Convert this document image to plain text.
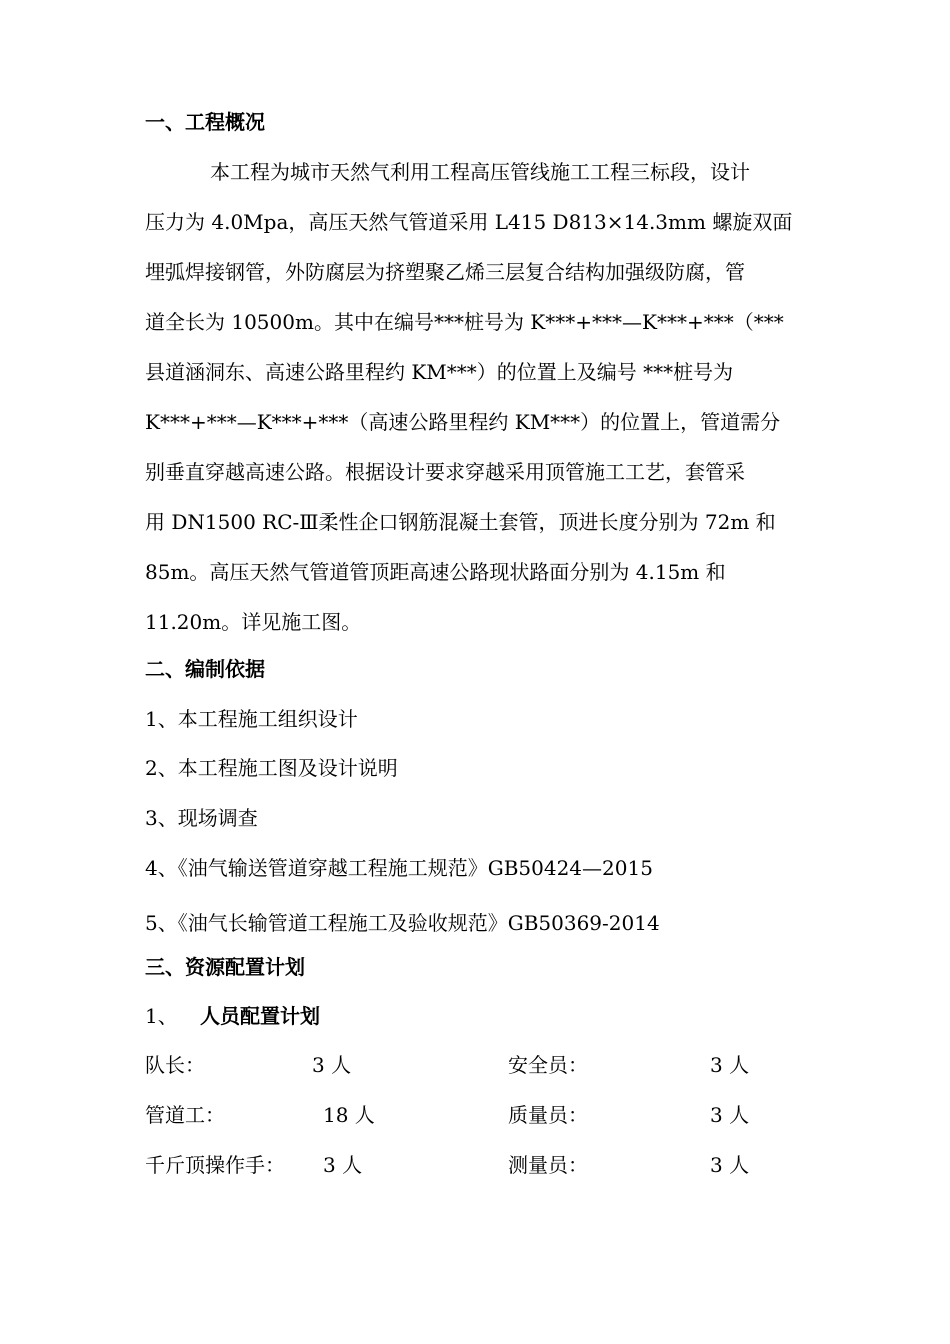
一、工程概况
本工程为城市天然气利用工程高压管线施工工程三标段，设计
压力为 4.0Mpa，高压天然气管道采用 L415 D813×14.3mm 螺旋双面
埋弧焊接钢管，外防腐层为挤塑聚乙烯三层复合结构加强级防腐，管
道全长为 10500m。其中在编号***桩号为 K***+***—K***+***（***
县道涵洞东、高速公路里程约 KM***）的位置上及编号 ***桩号为
K***+***—K***+***（高速公路里程约 KM***）的位置上，管道需分
别垂直穿越高速公路。根据设计要求穿越采用顶管施工工艺，套管采
用 DN1500 RC-Ⅲ柔性企口钢筋混凝土套管，顶进长度分别为 72m 和
85m。高压天然气管道管顶距高速公路现状路面分别为 4.15m 和
11.20m。详见施工图。
二、编制依据
1、本工程施工组织设计
2、本工程施工图及设计说明
3、现场调查
4、《油气输送管道穿越工程施工规范》GB50424—2015
5、《油气长输管道工程施工及验收规范》GB50369-2014
三、资源配置计划
1、 人员配置计划
队长：	3 人	安全员：	3 人
管道工：	18 人	质量员：	3 人
千斤顶操作手： 3 人	测量员：	3 人
